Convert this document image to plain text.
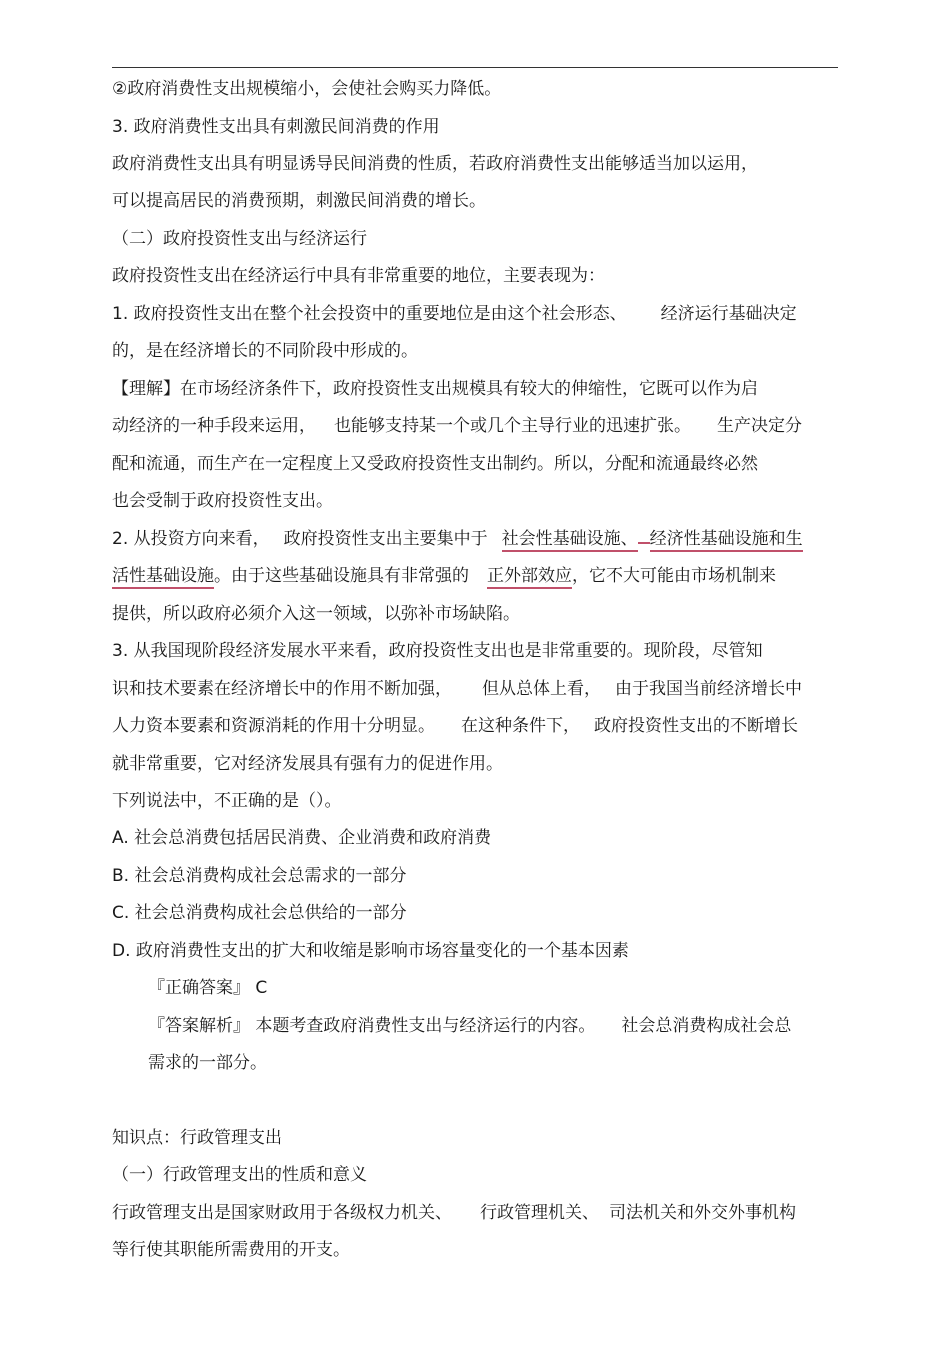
②政府消费性支出规模缩小，会使社会购买力降低。
3. 政府消费性支出具有刺激民间消费的作用
政府消费性支出具有明显诱导民间消费的性质，若政府消费性支出能够适当加以运用，
可以提高居民的消费预期，刺激民间消费的增长。
（二）政府投资性支出与经济运行
政府投资性支出在经济运行中具有非常重要的地位，主要表现为：
1. 政府投资性支出在整个社会投资中的重要地位是由这个社会形态、 经济运行基础决定
的，是在经济增长的不同阶段中形成的。
【理解】在市场经济条件下，政府投资性支出规模具有较大的伸缩性，它既可以作为启
动经济的一种手段来运用， 也能够支持某一个或几个主导行业的迅速扩张。 生产决定分
配和流通，而生产在一定程度上又受政府投资性支出制约。所以，分配和流通最终必然
也会受制于政府投资性支出。
2. 从投资方向来看， 政府投资性支出主要集中于 社会性基础设施、 经济性基础设施和生
活性基础设施。由于这些基础设施具有非常强的 正外部效应，它不大可能由市场机制来
提供，所以政府必须介入这一领域，以弥补市场缺陷。
3. 从我国现阶段经济发展水平来看，政府投资性支出也是非常重要的。现阶段，尽管知
识和技术要素在经济增长中的作用不断加强， 但从总体上看， 由于我国当前经济增长中
人力资本要素和资源消耗的作用十分明显。 在这种条件下， 政府投资性支出的不断增长
就非常重要，它对经济发展具有强有力的促进作用。
下列说法中，不正确的是（）。
A. 社会总消费包括居民消费、企业消费和政府消费
B. 社会总消费构成社会总需求的一部分
C. 社会总消费构成社会总供给的一部分
D. 政府消费性支出的扩大和收缩是影响市场容量变化的一个基本因素
『正确答案』 C
『答案解析』 本题考查政府消费性支出与经济运行的内容。 社会总消费构成社会总
需求的一部分。
知识点：行政管理支出
（一）行政管理支出的性质和意义
行政管理支出是国家财政用于各级权力机关、 行政管理机关、 司法机关和外交外事机构
等行使其职能所需费用的开支。
